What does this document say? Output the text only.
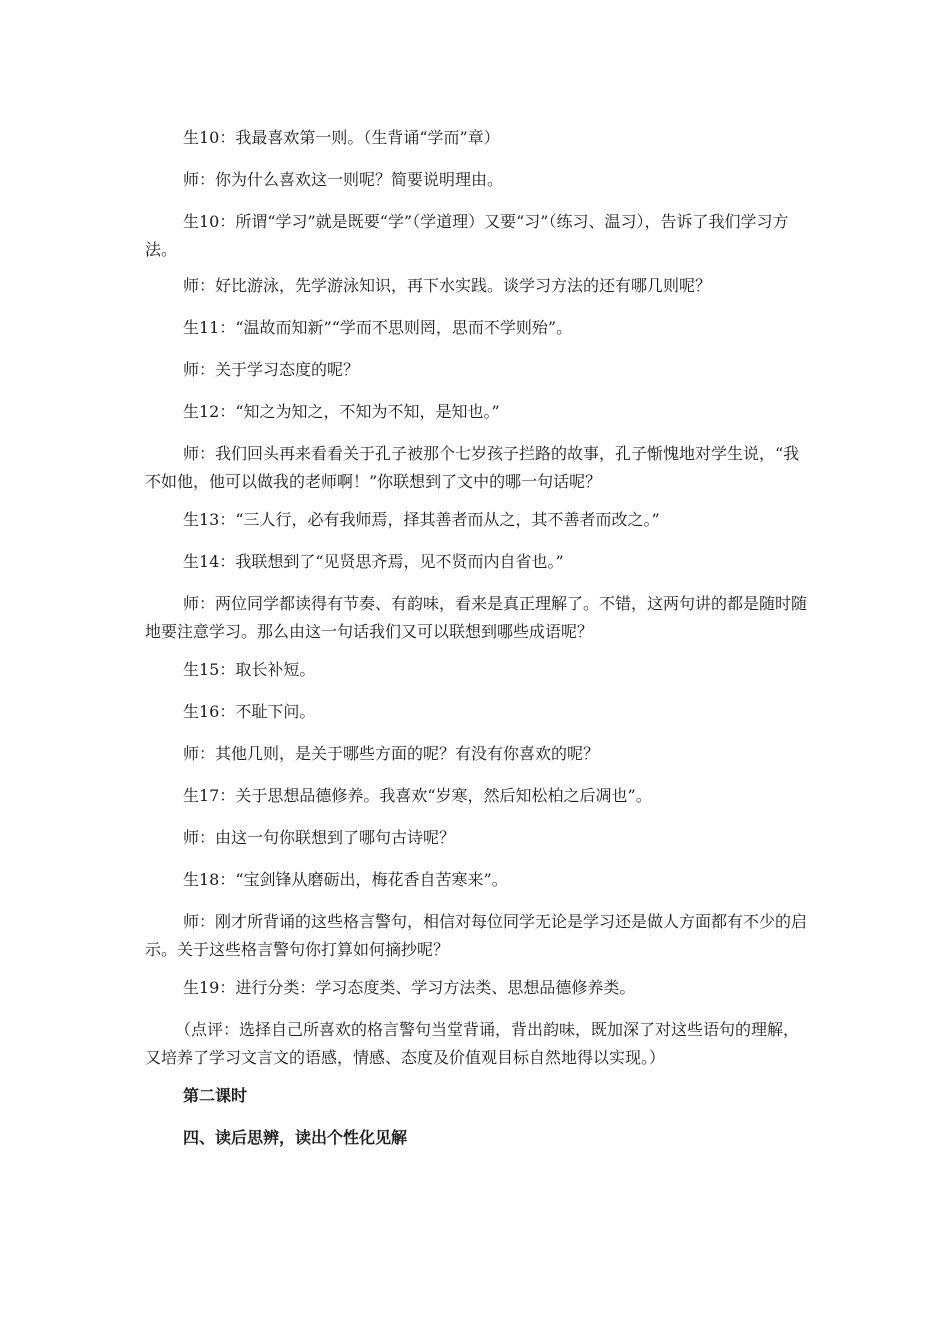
生10：我最喜欢第一则。（生背诵“学而”章）

师：你为什么喜欢这一则呢？简要说明理由。

生10：所谓“学习”就是既要“学”（学道理）又要“习”（练习、温习），告诉了我们学习方法。

师：好比游泳，先学游泳知识，再下水实践。谈学习方法的还有哪几则呢？

生11：“温故而知新”“学而不思则罔，思而不学则殆”。

师：关于学习态度的呢？

生12：“知之为知之，不知为不知，是知也。”

师：我们回头再来看看关于孔子被那个七岁孩子拦路的故事，孔子惭愧地对学生说，“我不如他，他可以做我的老师啊！”你联想到了文中的哪一句话呢？

生13：“三人行，必有我师焉，择其善者而从之，其不善者而改之。”

生14：我联想到了“见贤思齐焉，见不贤而内自省也。”

师：两位同学都读得有节奏、有韵味，看来是真正理解了。不错，这两句讲的都是随时随地要注意学习。那么由这一句话我们又可以联想到哪些成语呢？

生15：取长补短。

生16：不耻下问。

师：其他几则，是关于哪些方面的呢？有没有你喜欢的呢？

生17：关于思想品德修养。我喜欢“岁寒，然后知松柏之后凋也”。

师：由这一句你联想到了哪句古诗呢？

生18：“宝剑锋从磨砺出，梅花香自苦寒来”。

师：刚才所背诵的这些格言警句，相信对每位同学无论是学习还是做人方面都有不少的启示。关于这些格言警句你打算如何摘抄呢？

生19：进行分类：学习态度类、学习方法类、思想品德修养类。

（点评：选择自己所喜欢的格言警句当堂背诵，背出韵味，既加深了对这些语句的理解，又培养了学习文言文的语感，情感、态度及价值观目标自然地得以实现。）

第二课时

四、读后思辨，读出个性化见解
